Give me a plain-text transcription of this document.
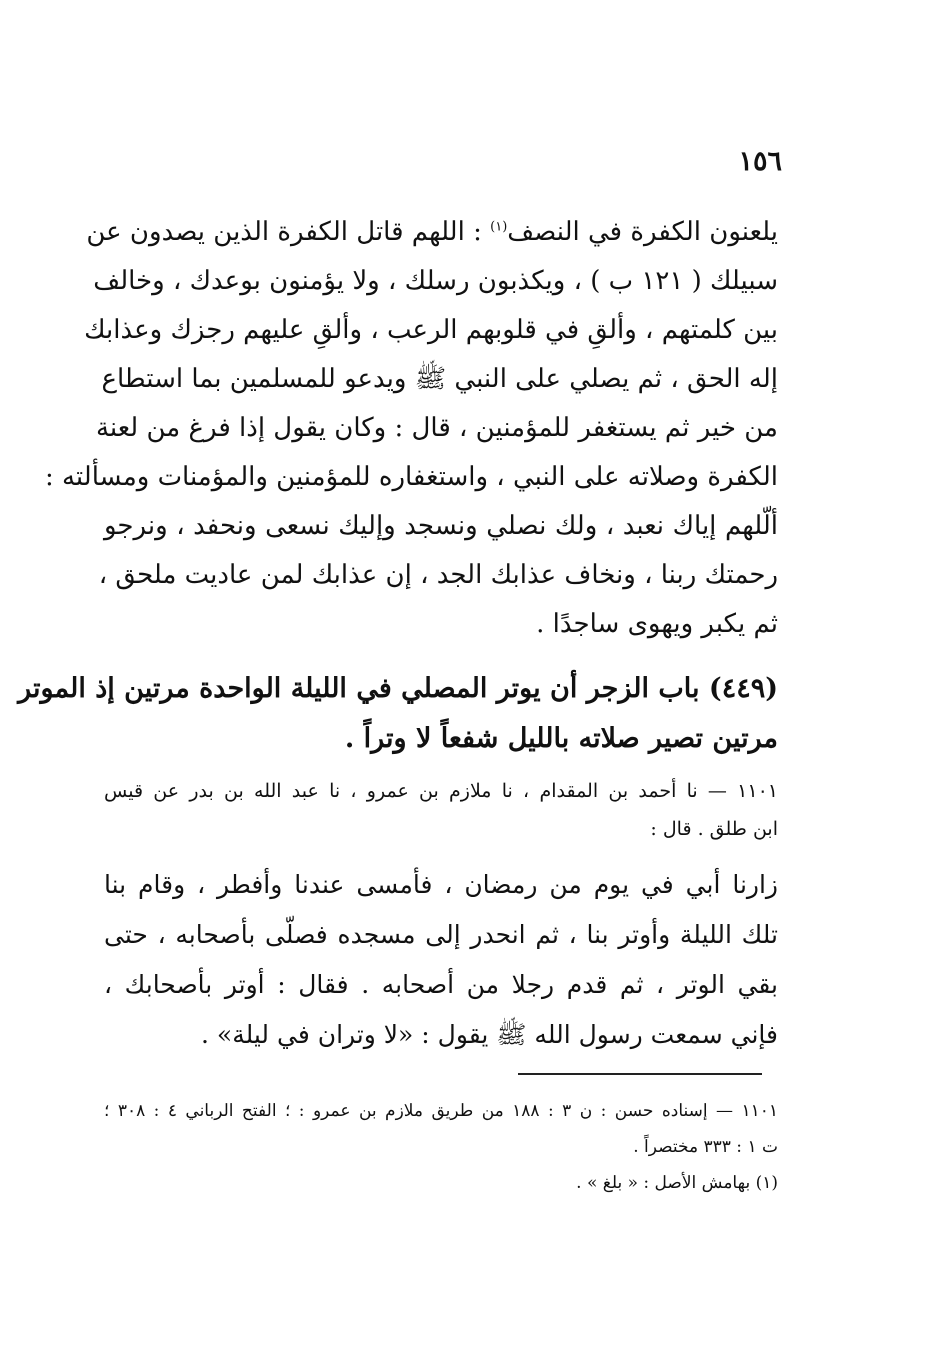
١٥٦
يلعنون الكفرة في النصف$^{(١)}$ : اللهم قاتل الكفرة الذين يصدون عن
سبيلك ( ١٢١ ب ) ، ويكذبون رسلك ، ولا يؤمنون بوعدك ، وخالف
بين كلمتهم ، وألقِ في قلوبهم الرعب ، وألقِ عليهم رجزك وعذابك
إله الحق ، ثم يصلي على النبي ﷺ ويدعو للمسلمين بما استطاع
من خير ثم يستغفر للمؤمنين ، قال : وكان يقول إذا فرغ من لعنة
الكفرة وصلاته على النبي ، واستغفاره للمؤمنين والمؤمنات ومسألته :
ألّلهم إياك نعبد ، ولك نصلي ونسجد وإليك نسعى ونحفد ، ونرجو
رحمتك ربنا ، ونخاف عذابك الجد ، إن عذابك لمن عاديت ملحق ،
ثم يكبر ويهوى ساجدًا .
(٤٤٩) باب الزجر أن يوتر المصلي في الليلة الواحدة مرتين إذ الموتر
مرتين تصير صلاته بالليل شفعاً لا وتراً .
١١٠١ — نا أحمد بن المقدام ، نا ملازم بن عمرو ، نا عبد الله بن بدر عن قيس
ابن طلق . قال :
زارنا أبي في يوم من رمضان ، فأمسى عندنا وأفطر ، وقام بنا
تلك الليلة وأوتر بنا ، ثم انحدر إلى مسجده فصلّى بأصحابه ، حتى
بقي الوتر ، ثم قدم رجلا من أصحابه . فقال : أوتر بأصحابك ،
فإني سمعت رسول الله ﷺ يقول : «لا وتران في ليلة» .
١١٠١ — إسناده حسن : ن ٣ : ١٨٨ من طريق ملازم بن عمرو : ؛ الفتح الرباني ٤ : ٣٠٨ ؛
ت ١ : ٣٣٣ مختصراً .
(١) بهامش الأصل : « بلغ » .
